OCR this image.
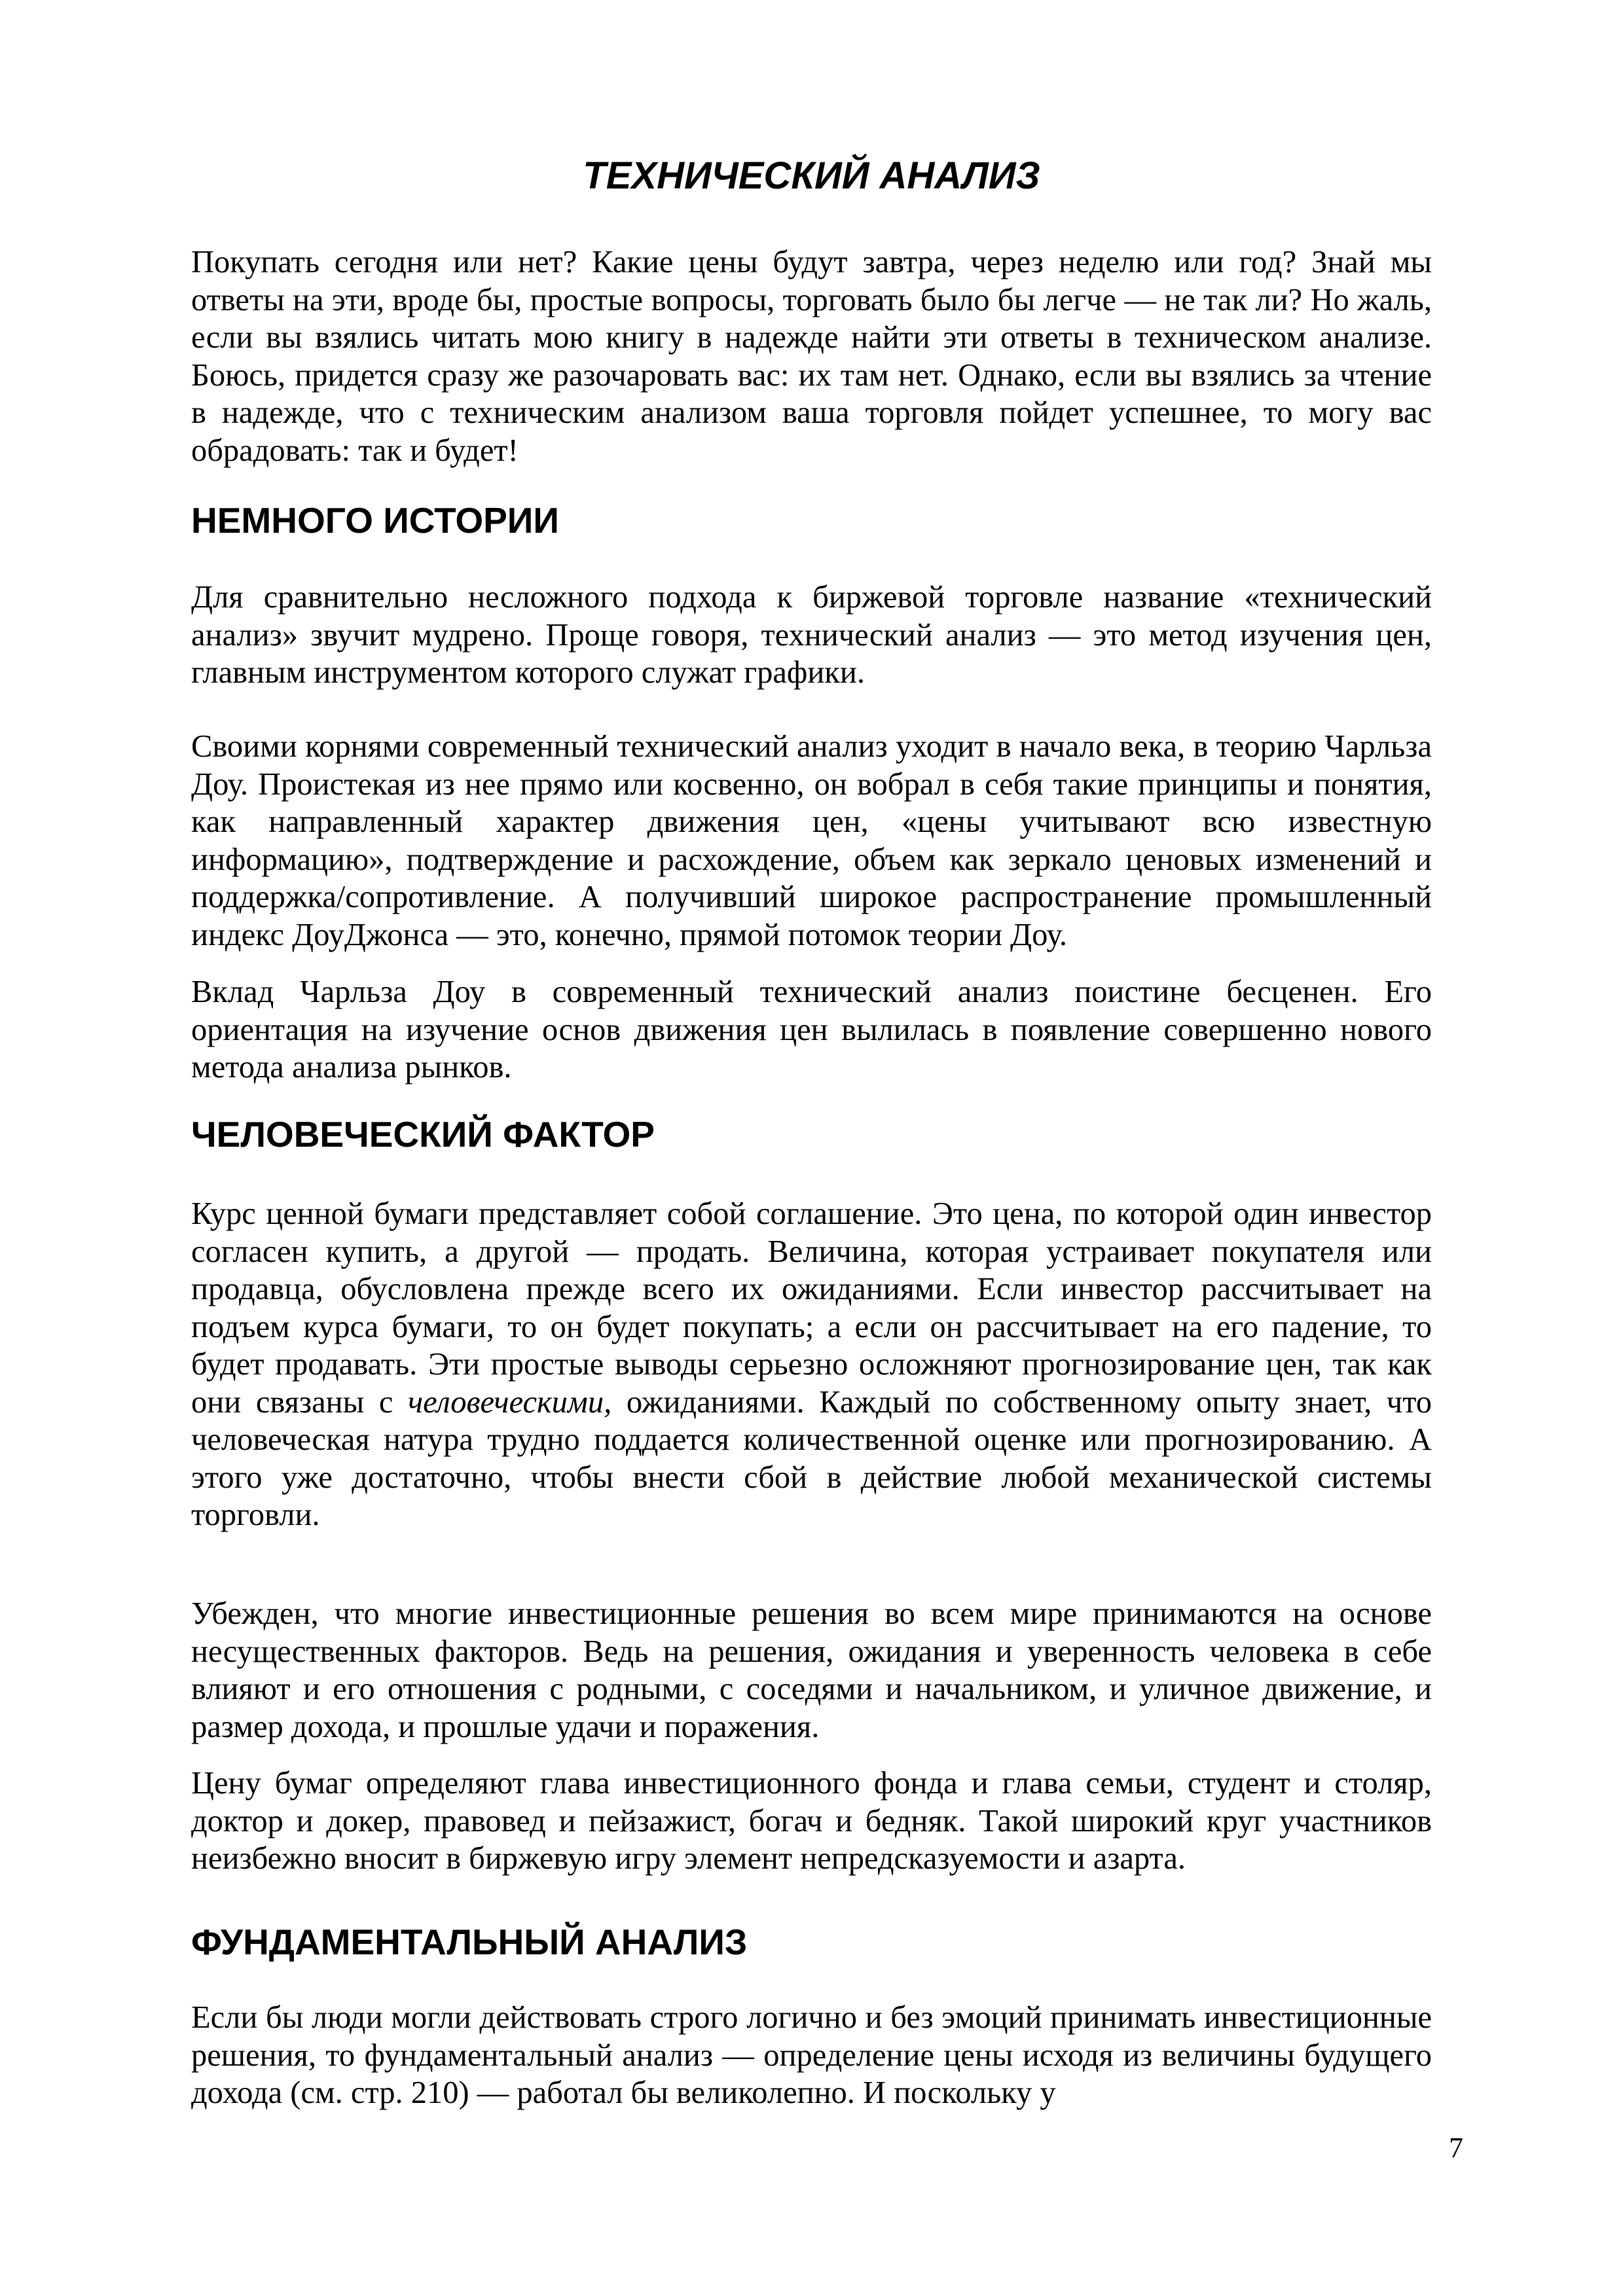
ТЕХНИЧЕСКИЙ АНАЛИЗ

Покупать сегодня или нет? Какие цены будут завтра, через неделю или год? Знай мы ответы на эти, вроде бы, простые вопросы, торговать было бы легче — не так ли? Но жаль, если вы взялись читать мою книгу в надежде найти эти ответы в техническом анализе. Боюсь, придется сразу же разочаровать вас: их там нет. Однако, если вы взялись за чтение в надежде, что с техническим анализом ваша торговля пойдет успешнее, то могу вас обрадовать: так и будет!

НЕМНОГО ИСТОРИИ

Для сравнительно несложного подхода к биржевой торговле название «технический анализ» звучит мудрено. Проще говоря, технический анализ — это метод изучения цен, главным инструментом которого служат графики.

Своими корнями современный технический анализ уходит в начало века, в теорию Чарльза Доу. Проистекая из нее прямо или косвенно, он вобрал в себя такие принципы и понятия, как направленный характер движения цен, «цены учитывают всю известную информацию», подтверждение и расхождение, объем как зеркало ценовых изменений и поддержка/сопротивление. А получивший широкое распространение промышленный индекс ДоуДжонса — это, конечно, прямой потомок теории Доу.

Вклад Чарльза Доу в современный технический анализ поистине бесценен. Его ориентация на изучение основ движения цен вылилась в появление совершенно нового метода анализа рынков.

ЧЕЛОВЕЧЕСКИЙ ФАКТОР

Курс ценной бумаги представляет собой соглашение. Это цена, по которой один инвестор согласен купить, а другой — продать. Величина, которая устраивает покупателя или продавца, обусловлена прежде всего их ожиданиями. Если инвестор рассчитывает на подъем курса бумаги, то он будет покупать; а если он рассчитывает на его падение, то будет продавать. Эти простые выводы серьезно осложняют прогнозирование цен, так как они связаны с человеческими, ожиданиями. Каждый по собственному опыту знает, что человеческая натура трудно поддается количественной оценке или прогнозированию. А этого уже достаточно, чтобы внести сбой в действие любой механической системы торговли.

Убежден, что многие инвестиционные решения во всем мире принимаются на основе несущественных факторов. Ведь на решения, ожидания и уверенность человека в себе влияют и его отношения с родными, с соседями и начальником, и уличное движение, и размер дохода, и прошлые удачи и поражения.

Цену бумаг определяют глава инвестиционного фонда и глава семьи, студент и столяр, доктор и докер, правовед и пейзажист, богач и бедняк. Такой широкий круг участников неизбежно вносит в биржевую игру элемент непредсказуемости и азарта.

ФУНДАМЕНТАЛЬНЫЙ АНАЛИЗ

Если бы люди могли действовать строго логично и без эмоций принимать инвестиционные решения, то фундаментальный анализ — определение цены исходя из величины будущего дохода (см. стр. 210) — работал бы великолепно. И поскольку у

7
